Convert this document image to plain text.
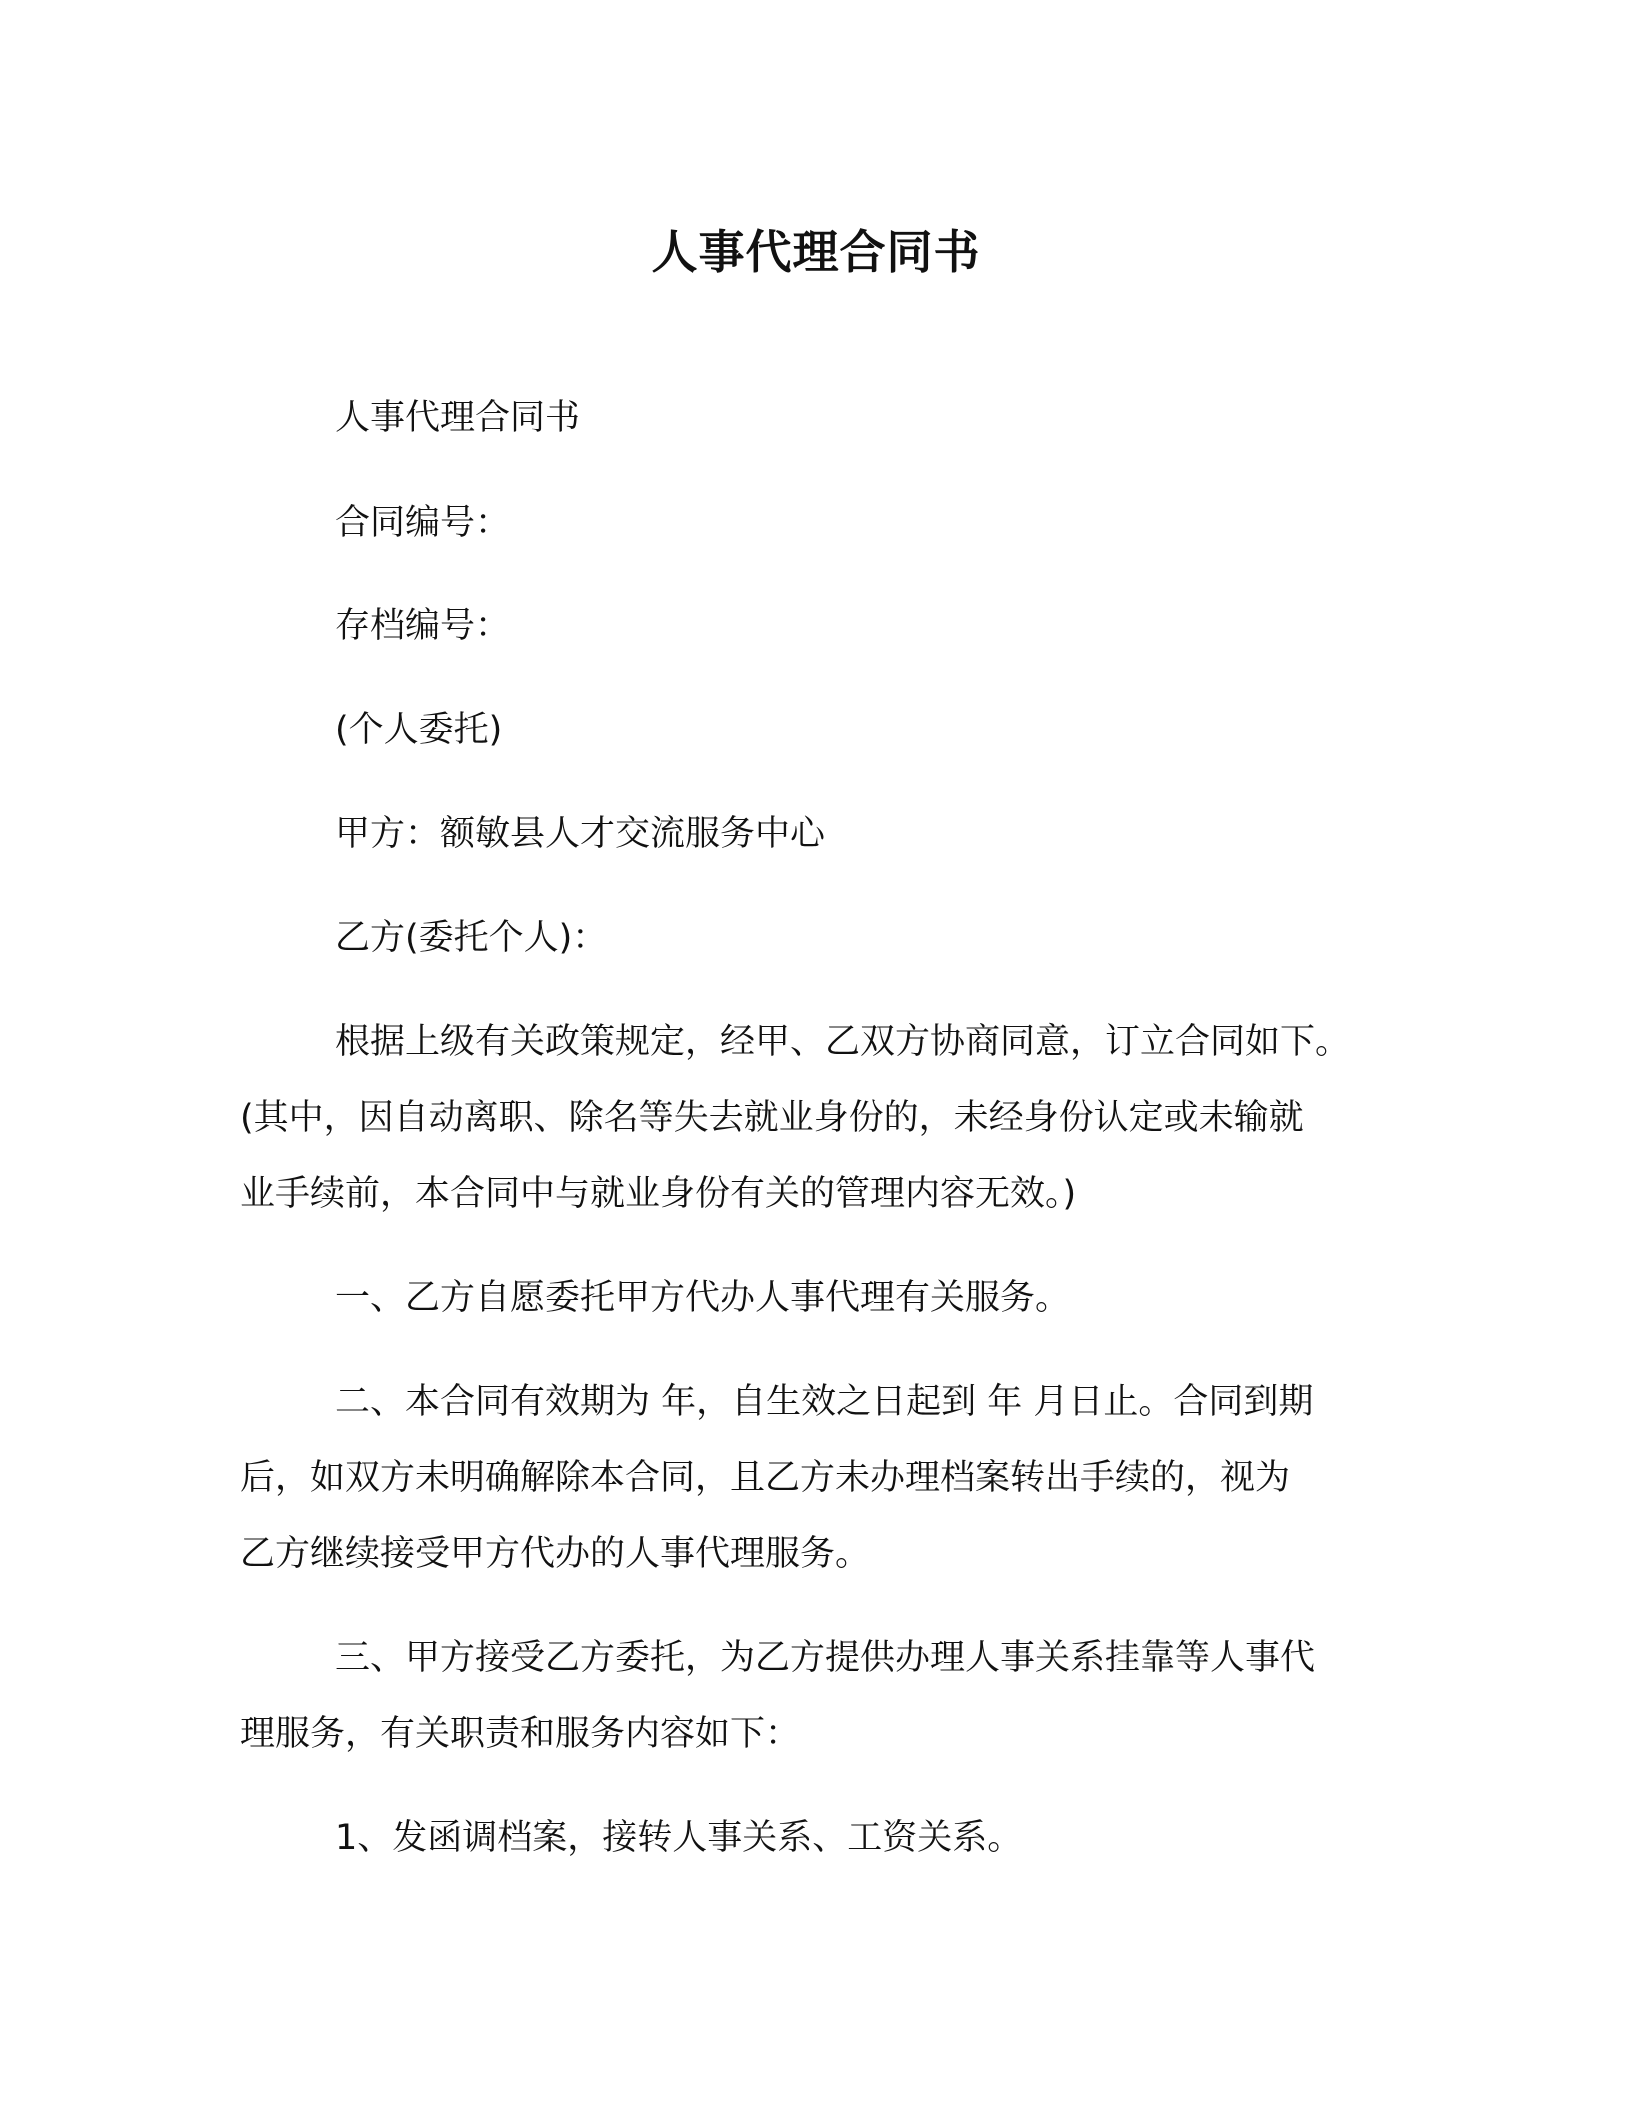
人事代理合同书
人事代理合同书
合同编号：
存档编号：
(个人委托)
甲方：额敏县人才交流服务中心
乙方(委托个人)：
根据上级有关政策规定，经甲、乙双方协商同意，订立合同如下。
(其中，因自动离职、除名等失去就业身份的，未经身份认定或未输就
业手续前，本合同中与就业身份有关的管理内容无效。)
一、乙方自愿委托甲方代办人事代理有关服务。
二、本合同有效期为 年，自生效之日起到 年 月日止。合同到期
后，如双方未明确解除本合同，且乙方未办理档案转出手续的，视为
乙方继续接受甲方代办的人事代理服务。
三、甲方接受乙方委托，为乙方提供办理人事关系挂靠等人事代
理服务，有关职责和服务内容如下：
1、发函调档案，接转人事关系、工资关系。
